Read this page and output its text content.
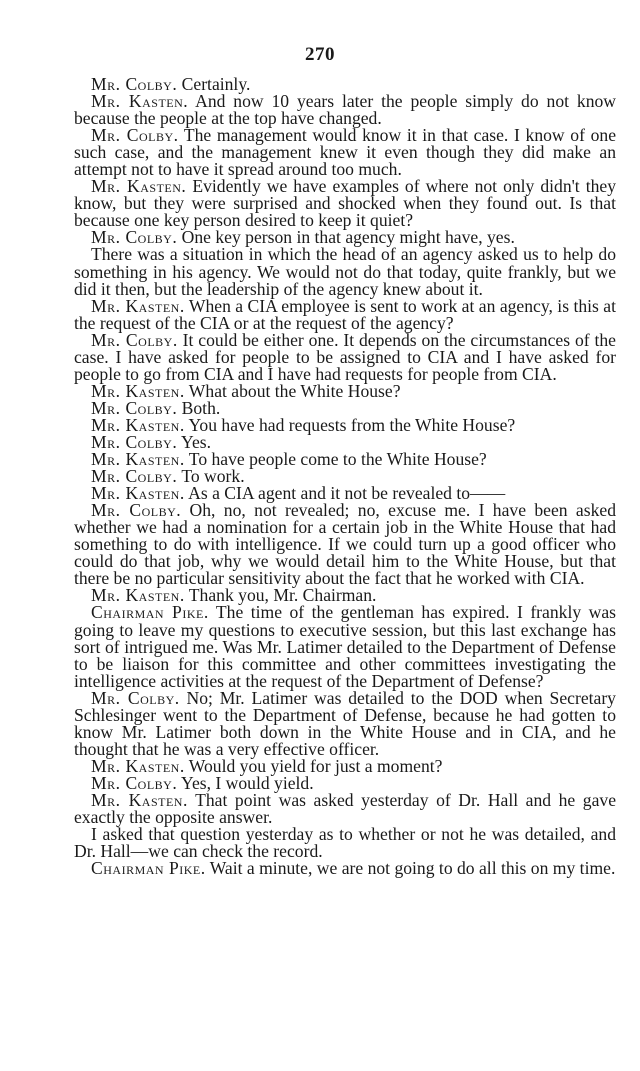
270

Mr. Colby. Certainly.

Mr. Kasten. And now 10 years later the people simply do not know because the people at the top have changed.

Mr. Colby. The management would know it in that case. I know of one such case, and the management knew it even though they did make an attempt not to have it spread around too much.

Mr. Kasten. Evidently we have examples of where not only didn't they know, but they were surprised and shocked when they found out. Is that because one key person desired to keep it quiet?

Mr. Colby. One key person in that agency might have, yes.

There was a situation in which the head of an agency asked us to help do something in his agency. We would not do that today, quite frankly, but we did it then, but the leadership of the agency knew about it.

Mr. Kasten. When a CIA employee is sent to work at an agency, is this at the request of the CIA or at the request of the agency?

Mr. Colby. It could be either one. It depends on the circumstances of the case. I have asked for people to be assigned to CIA and I have asked for people to go from CIA and I have had requests for people from CIA.

Mr. Kasten. What about the White House?

Mr. Colby. Both.

Mr. Kasten. You have had requests from the White House?

Mr. Colby. Yes.

Mr. Kasten. To have people come to the White House?

Mr. Colby. To work.

Mr. Kasten. As a CIA agent and it not be revealed to——

Mr. Colby. Oh, no, not revealed; no, excuse me. I have been asked whether we had a nomination for a certain job in the White House that had something to do with intelligence. If we could turn up a good officer who could do that job, why we would detail him to the White House, but that there be no particular sensitivity about the fact that he worked with CIA.

Mr. Kasten. Thank you, Mr. Chairman.

Chairman Pike. The time of the gentleman has expired. I frankly was going to leave my questions to executive session, but this last exchange has sort of intrigued me. Was Mr. Latimer detailed to the Department of Defense to be liaison for this committee and other committees investigating the intelligence activities at the request of the Department of Defense?

Mr. Colby. No; Mr. Latimer was detailed to the DOD when Secretary Schlesinger went to the Department of Defense, because he had gotten to know Mr. Latimer both down in the White House and in CIA, and he thought that he was a very effective officer.

Mr. Kasten. Would you yield for just a moment?

Mr. Colby. Yes, I would yield.

Mr. Kasten. That point was asked yesterday of Dr. Hall and he gave exactly the opposite answer.

I asked that question yesterday as to whether or not he was detailed, and Dr. Hall—we can check the record.

Chairman Pike. Wait a minute, we are not going to do all this on my time.
